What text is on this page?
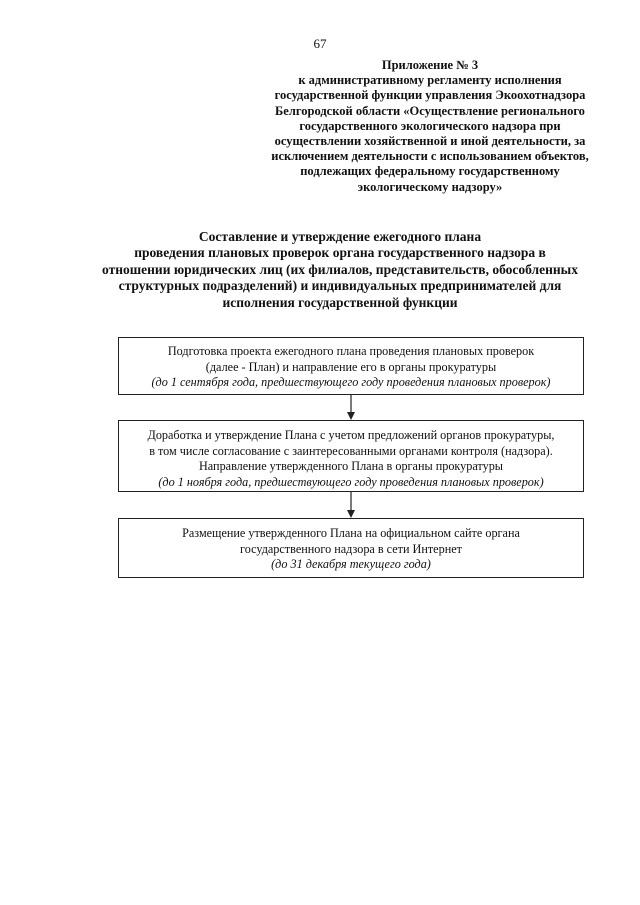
67
Приложение № 3
к административному регламенту исполнения
государственной функции управления Экоохотнадзора
Белгородской области «Осуществление регионального
государственного экологического надзора при
осуществлении хозяйственной и иной деятельности, за
исключением деятельности с использованием объектов,
подлежащих федеральному государственному
экологическому надзору»
Составление и утверждение ежегодного плана
проведения плановых проверок органа государственного надзора в
отношении юридических лиц (их филиалов, представительств, обособленных
структурных подразделений) и индивидуальных предпринимателей для
исполнения государственной функции
Подготовка проекта ежегодного плана проведения плановых проверок
(далее - План) и направление его в органы прокуратуры
(до 1 сентября года, предшествующего году проведения плановых проверок)
Доработка и утверждение Плана с учетом предложений органов прокуратуры,
в том числе согласование с заинтересованными органами контроля (надзора).
Направление утвержденного Плана в органы прокуратуры
(до 1 ноября года, предшествующего году проведения плановых проверок)
Размещение утвержденного Плана на официальном сайте органа
государственного надзора в сети Интернет
(до 31 декабря текущего года)
